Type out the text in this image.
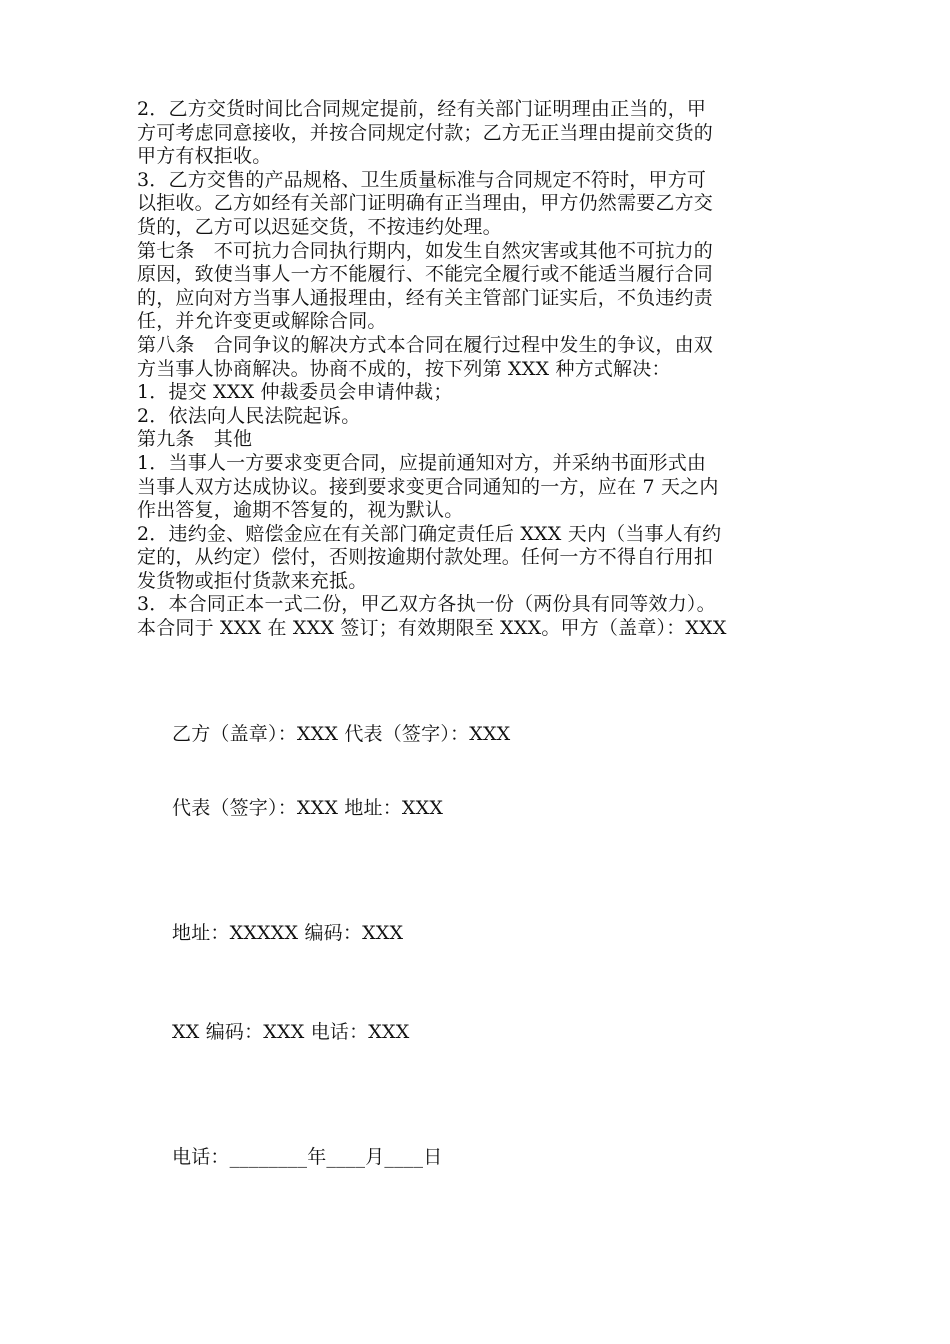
2．乙方交货时间比合同规定提前，经有关部门证明理由正当的，甲
方可考虑同意接收，并按合同规定付款；乙方无正当理由提前交货的
甲方有权拒收。
3．乙方交售的产品规格、卫生质量标准与合同规定不符时，甲方可
以拒收。乙方如经有关部门证明确有正当理由，甲方仍然需要乙方交
货的，乙方可以迟延交货，不按违约处理。
第七条　不可抗力合同执行期内，如发生自然灾害或其他不可抗力的
原因，致使当事人一方不能履行、不能完全履行或不能适当履行合同
的，应向对方当事人通报理由，经有关主管部门证实后，不负违约责
任，并允许变更或解除合同。
第八条　合同争议的解决方式本合同在履行过程中发生的争议，由双
方当事人协商解决。协商不成的，按下列第 XXX 种方式解决：
1．提交 XXX 仲裁委员会申请仲裁；
2．依法向人民法院起诉。
第九条　其他
1．当事人一方要求变更合同，应提前通知对方，并采纳书面形式由
当事人双方达成协议。接到要求变更合同通知的一方，应在 7 天之内
作出答复，逾期不答复的，视为默认。
2．违约金、赔偿金应在有关部门确定责任后 XXX 天内（当事人有约
定的，从约定）偿付，否则按逾期付款处理。任何一方不得自行用扣
发货物或拒付货款来充抵。
3．本合同正本一式二份，甲乙双方各执一份（两份具有同等效力）。
本合同于 XXX 在 XXX 签订；有效期限至 XXX。甲方（盖章）：XXX
乙方（盖章）：XXX 代表（签字）：XXX
代表（签字）：XXX 地址：XXX
地址：XXXXX 编码：XXX
XX 编码：XXX 电话：XXX
电话：________年____月____日
